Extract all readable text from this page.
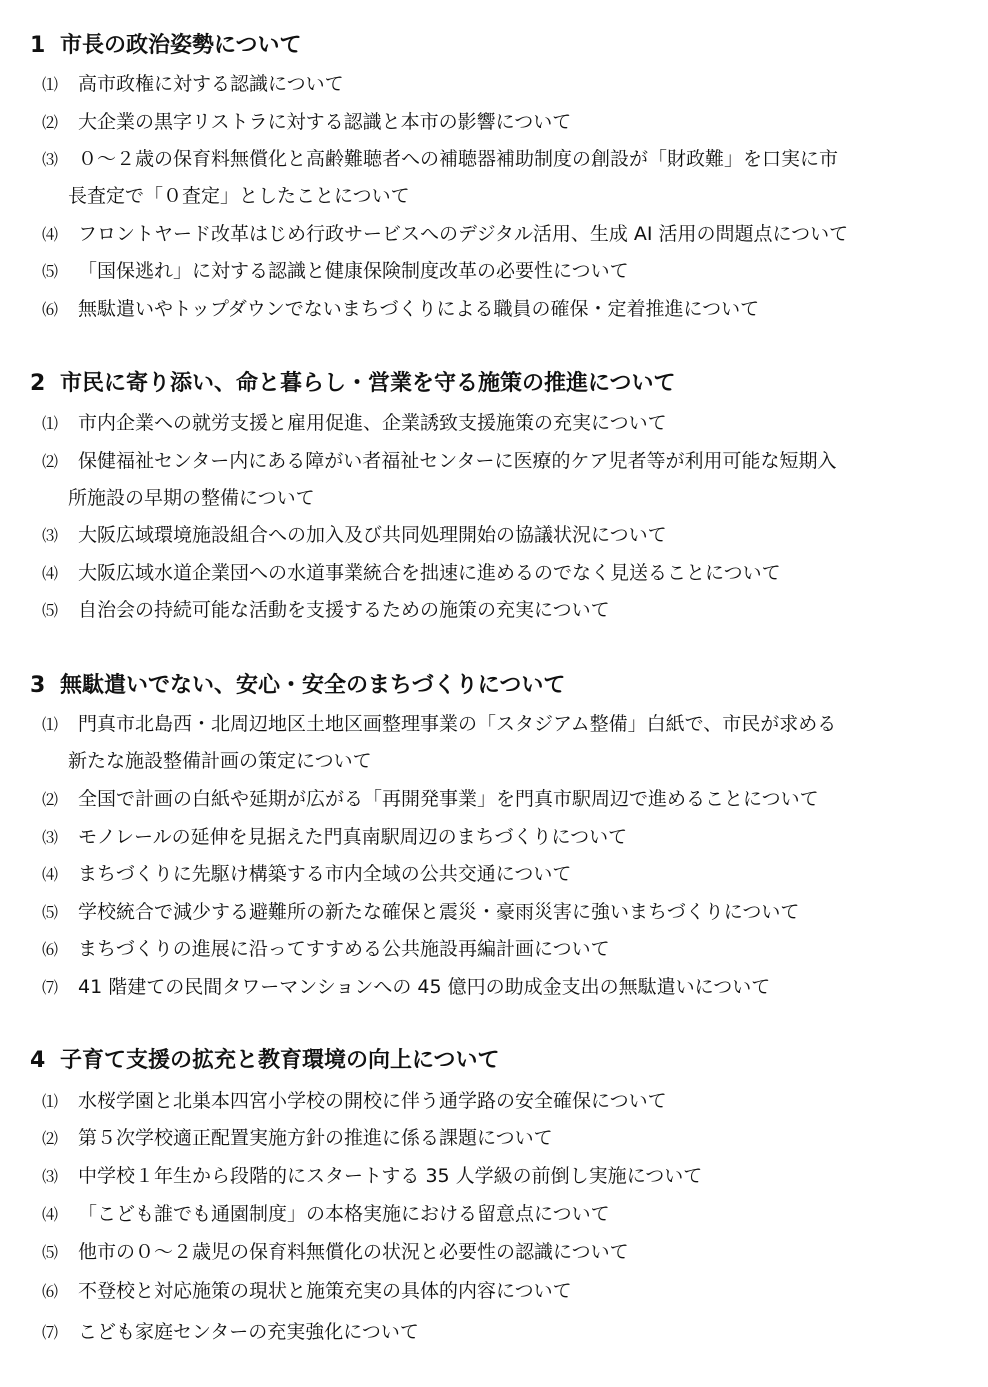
1 市長の政治姿勢について
⑴ 高市政権に対する認識について
⑵ 大企業の黒字リストラに対する認識と本市の影響について
⑶ ０～２歳の保育料無償化と高齢難聴者への補聴器補助制度の創設が「財政難」を口実に市
長査定で「０査定」としたことについて
⑷ フロントヤード改革はじめ行政サービスへのデジタル活用、生成 AI 活用の問題点について
⑸ 「国保逃れ」に対する認識と健康保険制度改革の必要性について
⑹ 無駄遣いやトップダウンでないまちづくりによる職員の確保・定着推進について
2 市民に寄り添い、命と暮らし・営業を守る施策の推進について
⑴ 市内企業への就労支援と雇用促進、企業誘致支援施策の充実について
⑵ 保健福祉センター内にある障がい者福祉センターに医療的ケア児者等が利用可能な短期入
所施設の早期の整備について
⑶ 大阪広域環境施設組合への加入及び共同処理開始の協議状況について
⑷ 大阪広域水道企業団への水道事業統合を拙速に進めるのでなく見送ることについて
⑸ 自治会の持続可能な活動を支援するための施策の充実について
3 無駄遣いでない、安心・安全のまちづくりについて
⑴ 門真市北島西・北周辺地区土地区画整理事業の「スタジアム整備」白紙で、市民が求める
新たな施設整備計画の策定について
⑵ 全国で計画の白紙や延期が広がる「再開発事業」を門真市駅周辺で進めることについて
⑶ モノレールの延伸を見据えた門真南駅周辺のまちづくりについて
⑷ まちづくりに先駆け構築する市内全域の公共交通について
⑸ 学校統合で減少する避難所の新たな確保と震災・豪雨災害に強いまちづくりについて
⑹ まちづくりの進展に沿ってすすめる公共施設再編計画について
⑺ 41 階建ての民間タワーマンションへの 45 億円の助成金支出の無駄遣いについて
4 子育て支援の拡充と教育環境の向上について
⑴ 水桜学園と北巣本四宮小学校の開校に伴う通学路の安全確保について
⑵ 第５次学校適正配置実施方針の推進に係る課題について
⑶ 中学校１年生から段階的にスタートする 35 人学級の前倒し実施について
⑷ 「こども誰でも通園制度」の本格実施における留意点について
⑸ 他市の０～２歳児の保育料無償化の状況と必要性の認識について
⑹ 不登校と対応施策の現状と施策充実の具体的内容について
⑺ こども家庭センターの充実強化について
